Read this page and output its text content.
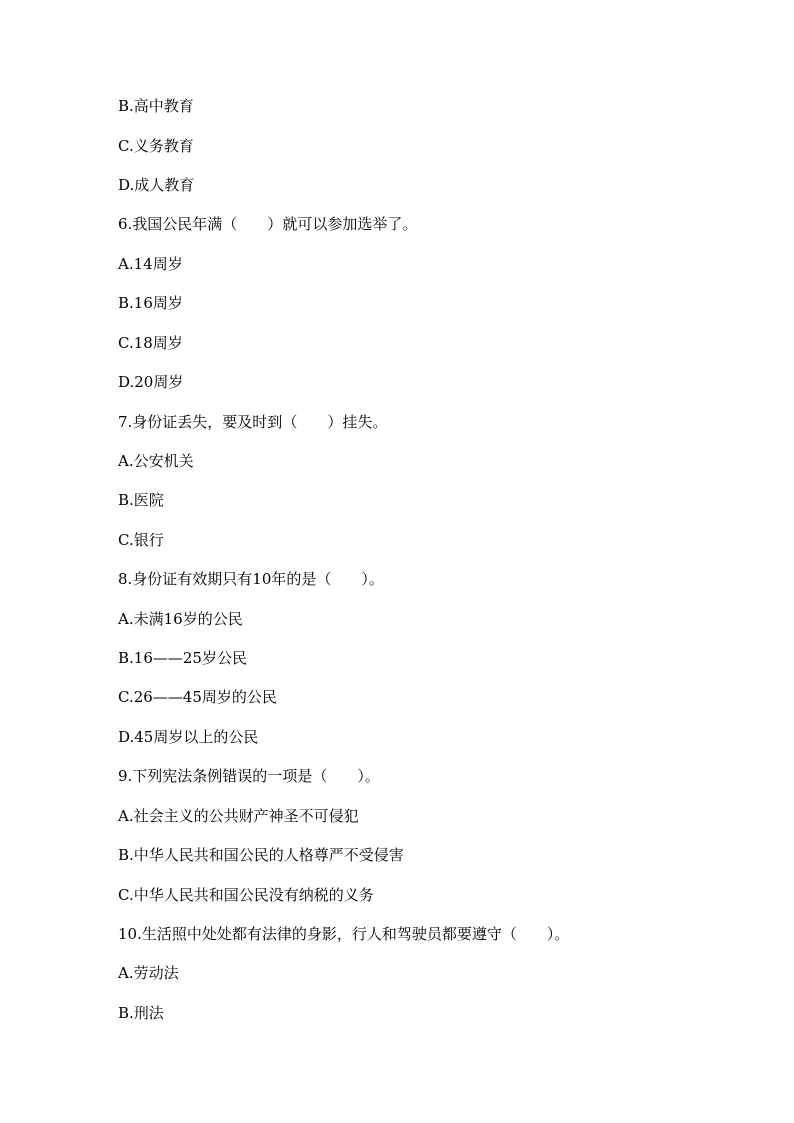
B.高中教育
C.义务教育
D.成人教育
6.我国公民年满（　　）就可以参加选举了。
A.14周岁
B.16周岁
C.18周岁
D.20周岁
7.身份证丢失，要及时到（　　）挂失。
A.公安机关
B.医院
C.银行
8.身份证有效期只有10年的是（　　）。
A.未满16岁的公民
B.16——25岁公民
C.26——45周岁的公民
D.45周岁以上的公民
9.下列宪法条例错误的一项是（　　）。
A.社会主义的公共财产神圣不可侵犯
B.中华人民共和国公民的人格尊严不受侵害
C.中华人民共和国公民没有纳税的义务
10.生活照中处处都有法律的身影，行人和驾驶员都要遵守（　　）。
A.劳动法
B.刑法
